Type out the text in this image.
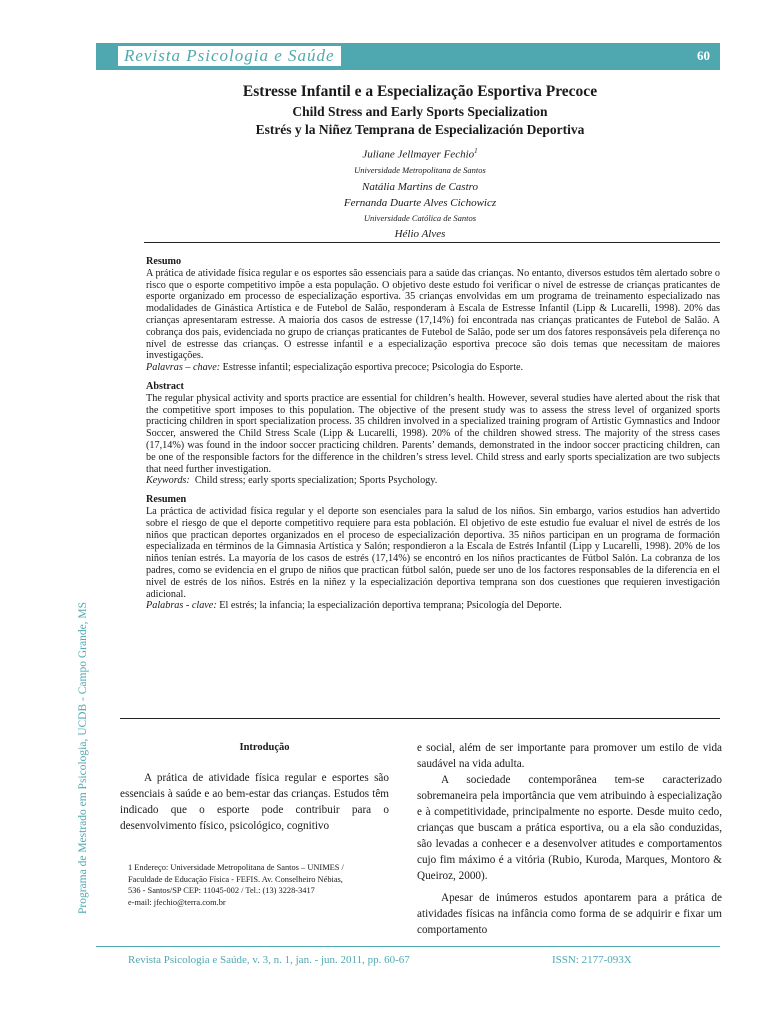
Revista Psicologia e Saúde	60
Programa de Mestrado em Psicologia, UCDB - Campo Grande, MS
Estresse Infantil e a Especialização Esportiva Precoce
Child Stress and Early Sports Specialization
Estrés y la Niñez Temprana de Especialización Deportiva
Juliane Jellmayer Fechio$^1$
Universidade Metropolitana de Santos
Natália Martins de Castro
Fernanda Duarte Alves Cichowicz
Universidade Católica de Santos
Hélio Alves
Resumo
A prática de atividade física regular e os esportes são essenciais para a saúde das crianças. No entanto, diversos estudos têm alertado sobre o risco que o esporte competitivo impõe a esta população. O objetivo deste estudo foi verificar o nível de estresse de crianças praticantes de esporte organizado em processo de especialização esportiva. 35 crianças envolvidas em um programa de treinamento especializado nas modalidades de Ginástica Artística e de Futebol de Salão, responderam à Escala de Estresse Infantil (Lipp & Lucarelli, 1998). 20% das crianças apresentaram estresse. A maioria dos casos de estresse (17,14%) foi encontrada nas crianças praticantes de Futebol de Salão. A cobrança dos pais, evidenciada no grupo de crianças praticantes de Futebol de Salão, pode ser um dos fatores responsáveis pela diferença no nível de estresse das crianças. O estresse infantil e a especialização esportiva precoce são dois temas que necessitam de maiores investigações.
Palavras – chave: Estresse infantil; especialização esportiva precoce; Psicologia do Esporte.
Abstract
The regular physical activity and sports practice are essential for children’s health. However, several studies have alerted about the risk that the competitive sport imposes to this population. The objective of the present study was to assess the stress level of organized sports practicing children in sport specialization process. 35 children involved in a specialized training program of Artistic Gymnastics and Indoor Soccer, answered the Child Stress Scale (Lipp & Lucarelli, 1998). 20% of the children showed stress. The majority of the stress cases (17,14%) was found in the indoor soccer practicing children. Parents’ demands, demonstrated in the indoor soccer practicing children, can be one of the responsible factors for the difference in the children’s stress level. Child stress and early sports specialization are two subjects that need further investigation.
Keywords: Child stress; early sports specialization; Sports Psychology.
Resumen
La práctica de actividad física regular y el deporte son esenciales para la salud de los niños. Sin embargo, varios estudios han advertido sobre el riesgo de que el deporte competitivo requiere para esta población. El objetivo de este estudio fue evaluar el nivel de estrés de los niños que practican deportes organizados en el proceso de especialización deportiva. 35 niños participan en un programa de formación especializada en términos de la Gimnasia Artística y Salón; respondieron a la Escala de Estrés Infantil (Lipp y Lucarelli, 1998). 20% de los niños tenían estrés. La mayoría de los casos de estrés (17,14%) se encontró en los niños practicantes de Fútbol Salón. La cobranza de los padres, como se evidencia en el grupo de niños que practican fútbol salón, puede ser uno de los factores responsables de la diferencia en el nivel de estrés de los niños. Estrés en la niñez y la especialización deportiva temprana son dos cuestiones que requieren investigación adicional.
Palabras - clave: El estrés; la infancia; la especialización deportiva temprana; Psicología del Deporte.
Introdução

A prática de atividade física regular e esportes são essenciais à saúde e ao bem-estar das crianças. Estudos têm indicado que o esporte pode contribuir para o desenvolvimento físico, psicológico, cognitivo

e social, além de ser importante para promover um estilo de vida saudável na vida adulta.

A sociedade contemporânea tem-se caracterizado sobremaneira pela importância que vem atribuindo à especialização e à competitividade, principalmente no esporte. Desde muito cedo, crianças que buscam a prática esportiva, ou a ela são conduzidas, são levadas a conhecer e a desenvolver atitudes e comportamentos cujo fim máximo é a vitória (Rubio, Kuroda, Marques, Montoro & Queiroz, 2000).

Apesar de inúmeros estudos apontarem para a prática de atividades físicas na infância como forma de se adquirir e fixar um comportamento

1 Endereço: Universidade Metropolitana de Santos – UNIMES /
Faculdade de Educação Física - FEFIS. Av. Conselheiro Nébias,
536 - Santos/SP CEP: 11045-002 / Tel.: (13) 3228-3417
e-mail: jfechio@terra.com.br
Revista Psicologia e Saúde, v. 3, n. 1, jan. - jun. 2011, pp. 60-67	ISSN: 2177-093X
